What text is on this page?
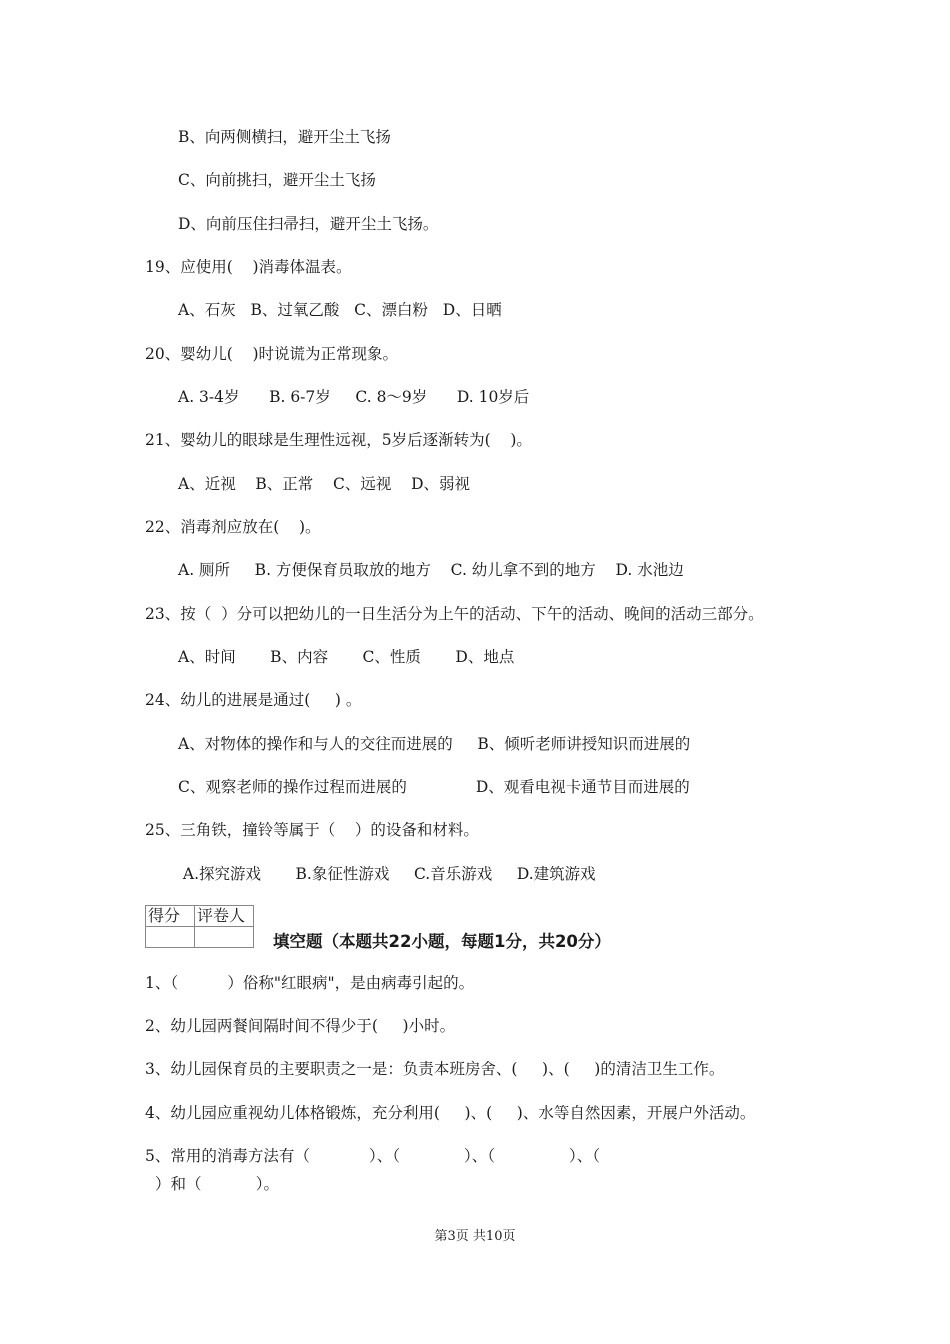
B、向两侧横扫，避开尘土飞扬
C、向前挑扫，避开尘土飞扬
D、向前压住扫帚扫，避开尘土飞扬。
19、应使用(    )消毒体温表。
A、石灰   B、过氧乙酸   C、漂白粉   D、日晒
20、婴幼儿(    )时说谎为正常现象。
A. 3-4岁      B. 6-7岁     C. 8～9岁      D. 10岁后
21、婴幼儿的眼球是生理性远视，5岁后逐渐转为(    )。
A、近视    B、正常    C、远视    D、弱视
22、消毒剂应放在(    )。
A. 厕所     B. 方便保育员取放的地方    C. 幼儿拿不到的地方    D. 水池边
23、按（  ）分可以把幼儿的一日生活分为上午的活动、下午的活动、晚间的活动三部分。
A、时间       B、内容       C、性质       D、地点
24、幼儿的进展是通过(     ) 。
A、对物体的操作和与人的交往而进展的     B、倾听老师讲授知识而进展的
C、观察老师的操作过程而进展的              D、观看电视卡通节目而进展的
25、三角铁，撞铃等属于（    ）的设备和材料。
A.探究游戏       B.象征性游戏     C.音乐游戏     D.建筑游戏
得分	评卷人

填空题（本题共22小题，每题1分，共20分）
1、（          ）俗称"红眼病"，是由病毒引起的。
2、幼儿园两餐间隔时间不得少于(     )小时。
3、幼儿园保育员的主要职责之一是：负责本班房舍、(     )、(     )的清洁卫生工作。
4、幼儿园应重视幼儿体格锻炼，充分利用(     )、(     )、水等自然因素，开展户外活动。
5、常用的消毒方法有（            ）、（             ）、（               ）、（
）和（           ）。
第3页 共10页
